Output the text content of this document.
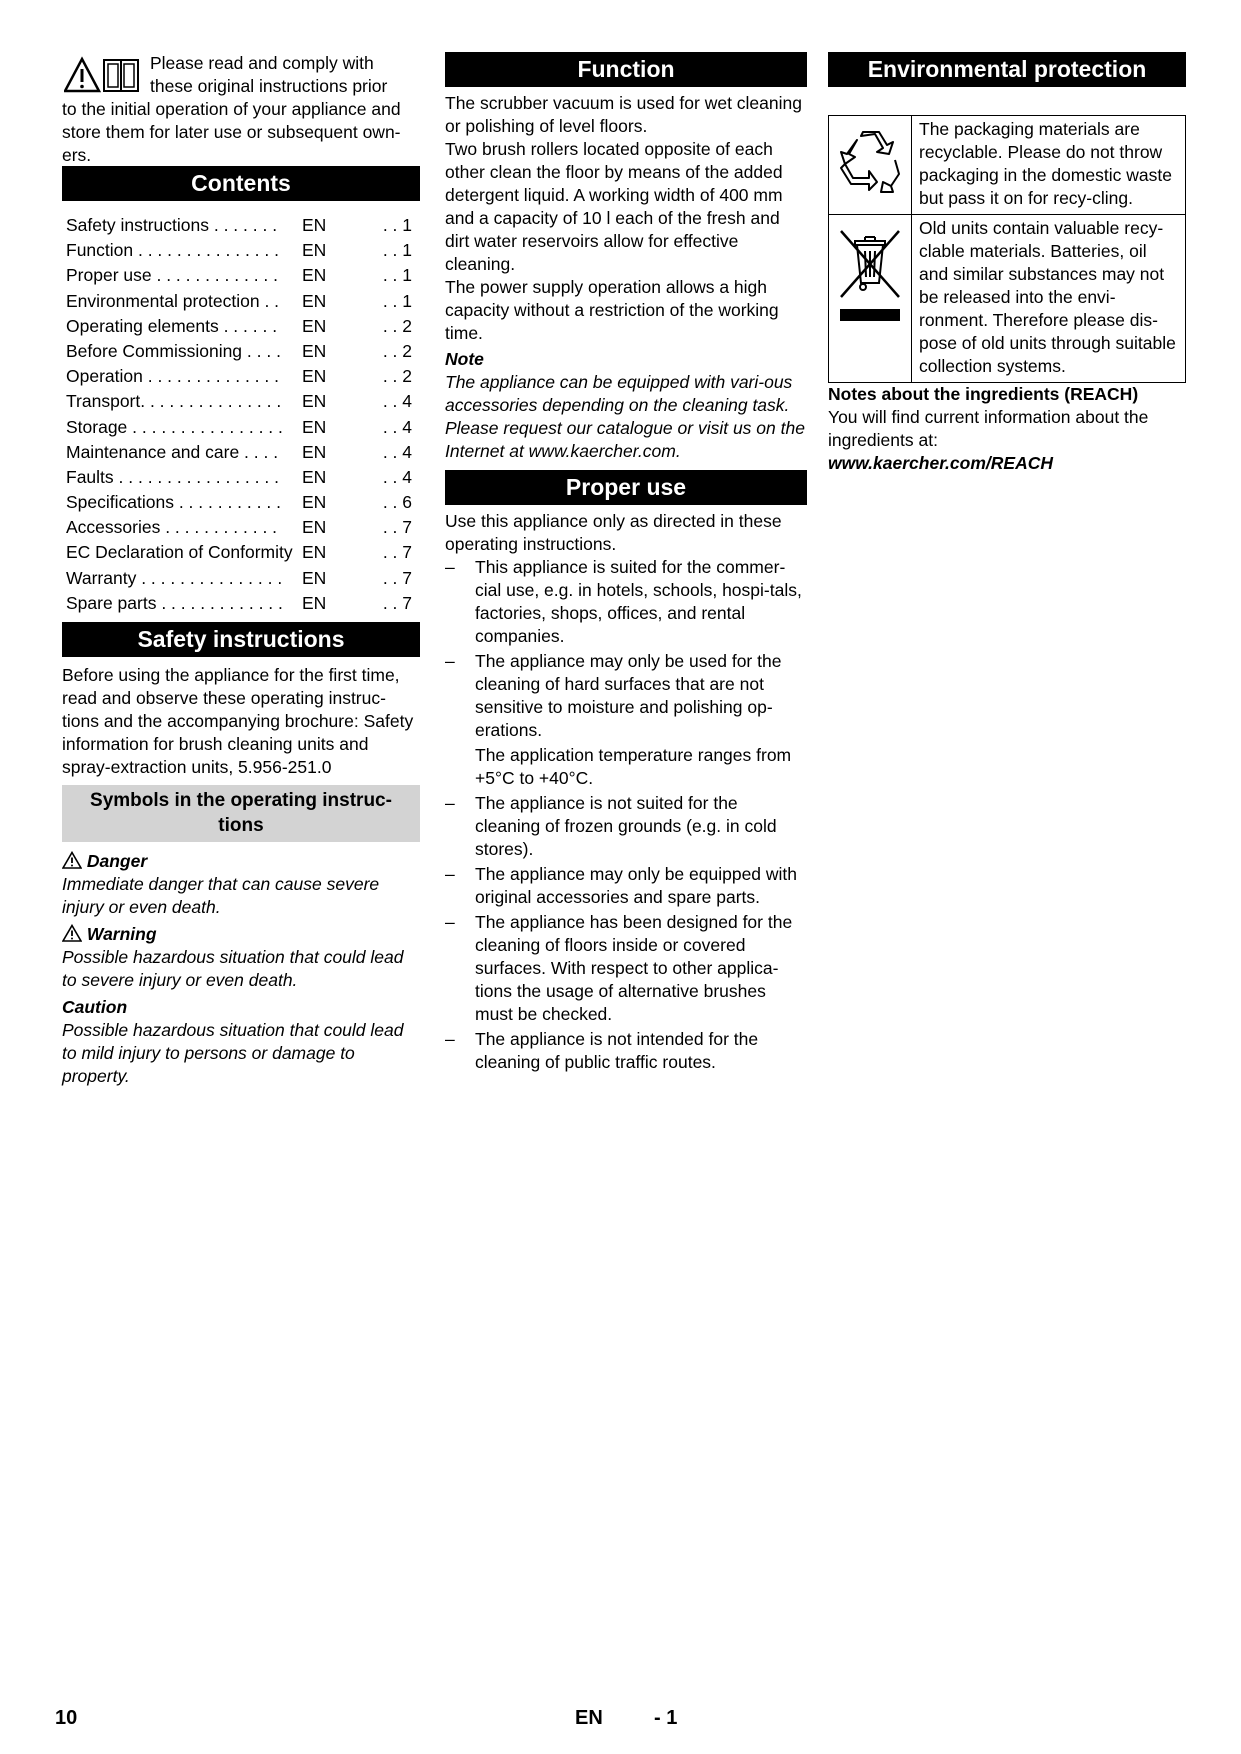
Please read and comply with

these original instructions prior

to the initial operation of your appliance and store them for later use or subsequent own-

ers.

Contents
Safety instructions . . . . . . .	EN	. . 1
Function . . . . . . . . . . . . . . .	EN	. . 1
Proper use . . . . . . . . . . . . .	EN	. . 1
Environmental protection . .	EN	. . 1
Operating elements . . . . . .	EN	. . 2
Before Commissioning . . . .	EN	. . 2
Operation . . . . . . . . . . . . . .	EN	. . 2
Transport. . . . . . . . . . . . . . .	EN	. . 4
Storage . . . . . . . . . . . . . . . .	EN	. . 4
Maintenance and care . . . .	EN	. . 4
Faults . . . . . . . . . . . . . . . . .	EN	. . 4
Specifications . . . . . . . . . . .	EN	. . 6
Accessories . . . . . . . . . . . .	EN	. . 7
EC Declaration of Conformity EN	. . 7
Warranty . . . . . . . . . . . . . . .	EN	. . 7
Spare parts . . . . . . . . . . . . .	EN	. . 7
Safety instructions

Before using the appliance for the first time, read and observe these operating instruc-tions and the accompanying brochure: Safety information for brush cleaning units and spray-extraction units, 5.956-251.0

Symbols in the operating instruc-tions
Danger

Immediate danger that can cause severe injury or even death.

Warning

Possible hazardous situation that could lead to severe injury or even death.

Caution

Possible hazardous situation that could lead to mild injury to persons or damage to property.

Function

The scrubber vacuum is used for wet cleaning or polishing of level floors.

Two brush rollers located opposite of each other clean the floor by means of the added detergent liquid. A working width of 400 mm and a capacity of 10 l each of the fresh and dirt water reservoirs allow for effective cleaning.

The power supply operation allows a high capacity without a restriction of the working time.

Note

The appliance can be equipped with vari-ous accessories depending on the cleaning task. Please request our catalogue or visit us on the Internet at www.kaercher.com.

Proper use

Use this appliance only as directed in these operating instructions.

–	This appliance is suited for the commer-cial use, e.g. in hotels, schools, hospi-tals, factories, shops, offices, and rental companies.
–	The appliance may only be used for the cleaning of hard surfaces that are not sensitive to moisture and polishing op-erations.

The application temperature ranges from +5°C to +40°C.

–	The appliance is not suited for the cleaning of frozen grounds (e.g. in cold stores).
–	The appliance may only be equipped with original accessories and spare parts.
–	The appliance has been designed for the cleaning of floors inside or covered surfaces. With respect to other applica-tions the usage of alternative brushes must be checked.
–	The appliance is not intended for the cleaning of public traffic routes.
Environmental protection
The packaging materials are recyclable. Please do not throw packaging in the domestic waste but pass it on for recy-cling.
Old units contain valuable recy-clable materials. Batteries, oil and similar substances may not be released into the envi-ronment. Therefore please dis-pose of old units through suitable collection systems.
Notes about the ingredients (REACH)

You will find current information about the ingredients at:

www.kaercher.com/REACH
10	EN	- 1
